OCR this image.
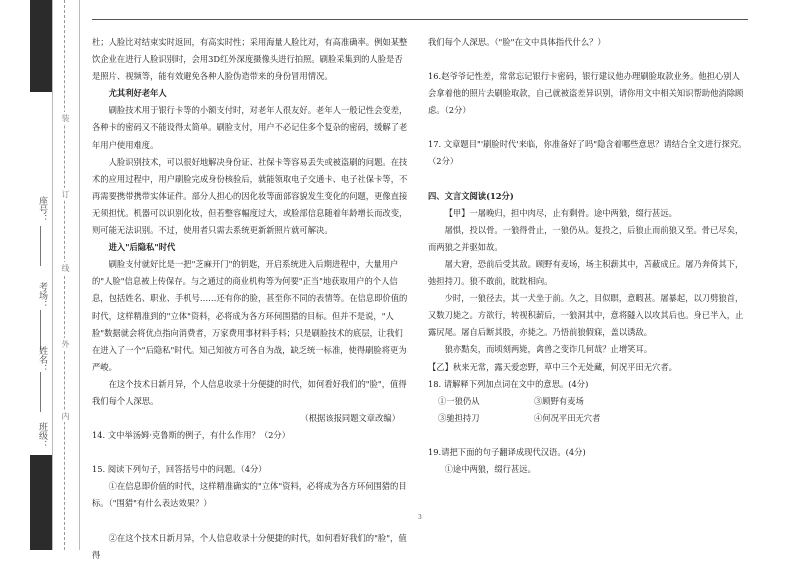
装
订
线
外
内
座号：
考场：
姓名：
班级：

杜；人脸比对结束实时返回，有高实时性；采用海量人脸比对，有高准确率。例如某整饮企业在进行人脸识别时，会用3D红外深度摄像头进行拍照。刷脸采集到的人脸是否是照片、视频等，能有效避免各种人脸伪造带来的身份冒用情况。

尤其利好老年人

刷脸技术用于银行卡等的小额支付时，对老年人很友好。老年人一般记性会变差，各种卡的密码又不能设得太简单。刷脸支付，用户不必记住多个复杂的密码，缓解了老年用户使用难度。

人脸识别技术，可以很好地解决身份证、社保卡等容易丢失或被盗刷的问题。在技术的应用过程中，用户刷脸完成身份核验后，就能领取电子交通卡、电子社保卡等，不再需要携带携带实体证件。部分人担心的因化妆等面部容貌发生变化的问题，更像直接无须担忧。机器可以识别化妆，但若整容幅度过大，或脸部信息随着年龄增长而改变，则可能无法识别。不过，使用者只需去系统更新新照片就可解决。

进入"后隐私"时代

刷脸支付就好比是一把"芝麻开门"的钥匙，开启系统进入后期进程中，大量用户的"人脸"信息被上传保存。与之通过的商业机构等为何要"正当"地获取用户的个人信息，包括姓名、职业、手机号……还有你的脸，甚至你不同的表情等。在信息即价值的时代，这样精准到的"立体"资料，必将成为各方环伺围猎的目标。但并不是说，"人脸"数据就会将优点指向消费者，万家费用事材料手料；只是刷脸技术的底层，让我们在进入了一个"后隐私"时代。知己知彼方可各自为战，缺乏统一标准，使得刷脸将更为严峻。

在这个技术日新月异，个人信息收录十分便捷的时代，如何看好我们的"脸"，值得我们每个人深思。

（根据该报同题文章改编）

14. 文中举汤姆·克鲁斯的例子，有什么作用？（2分）

15. 阅读下列句子，回答括号中的问题。（4分）

①在信息即价值的时代，这样精准确实的"立体"资料，必将成为各方环伺围猎的目标。（"围猎"有什么表达效果？）

②在这个技术日新月异，个人信息收录十分便捷的时代，如何看好我们的"脸"，值得

我们每个人深思。（"脸"在文中具体指代什么？）

16.赵爷爷记性差，常常忘记银行卡密码，银行建议他办理刷脸取款业务。他担心别人会拿着他的照片去刷脸取款，自己就被盗差异识别，请你用文中相关知识帮助他消除顾虑。（2分）

17. 文章题目"'刷脸时代'来临，你准备好了吗"隐含着哪些意思？请结合全文进行探究。（2分）

四、文言文阅读(12分)

【甲】一屠晚归，担中肉尽，止有剩骨。途中两狼，缀行甚远。

屠惧，投以骨。一狼得骨止，一狼仍从。复投之，后狼止而前狼又至。骨已尽矣，而两狼之并驱如故。

屠大窘，恐前后受其敌。顾野有麦场，场主积薪其中，苫蔽成丘。屠乃奔倚其下，弛担持刀。狼不敢前，眈眈相向。

少时，一狼径去，其一犬坐于前。久之，目似瞑，意暇甚。屠暴起，以刀劈狼首，又数刀毙之。方欲行，转视积薪后，一狼洞其中，意将隧入以攻其后也。身已半入，止露尻尾。屠自后断其股，亦毙之。乃悟前狼假寐，盖以诱敌。

狼亦黠矣，而顷刻两毙，禽兽之变诈几何哉？止增笑耳。

【乙】秋来无常，露天爱恋野，草中三个无处藏，何况平田无穴者。

18. 请解释下列加点词在文中的意思。(4分)

①一狼仍从	③顾野有麦场
③驰担持刀	④何况平田无穴者

19.请把下面的句子翻译成现代汉语。(4分)

①途中两狼，缀行甚远。

3
